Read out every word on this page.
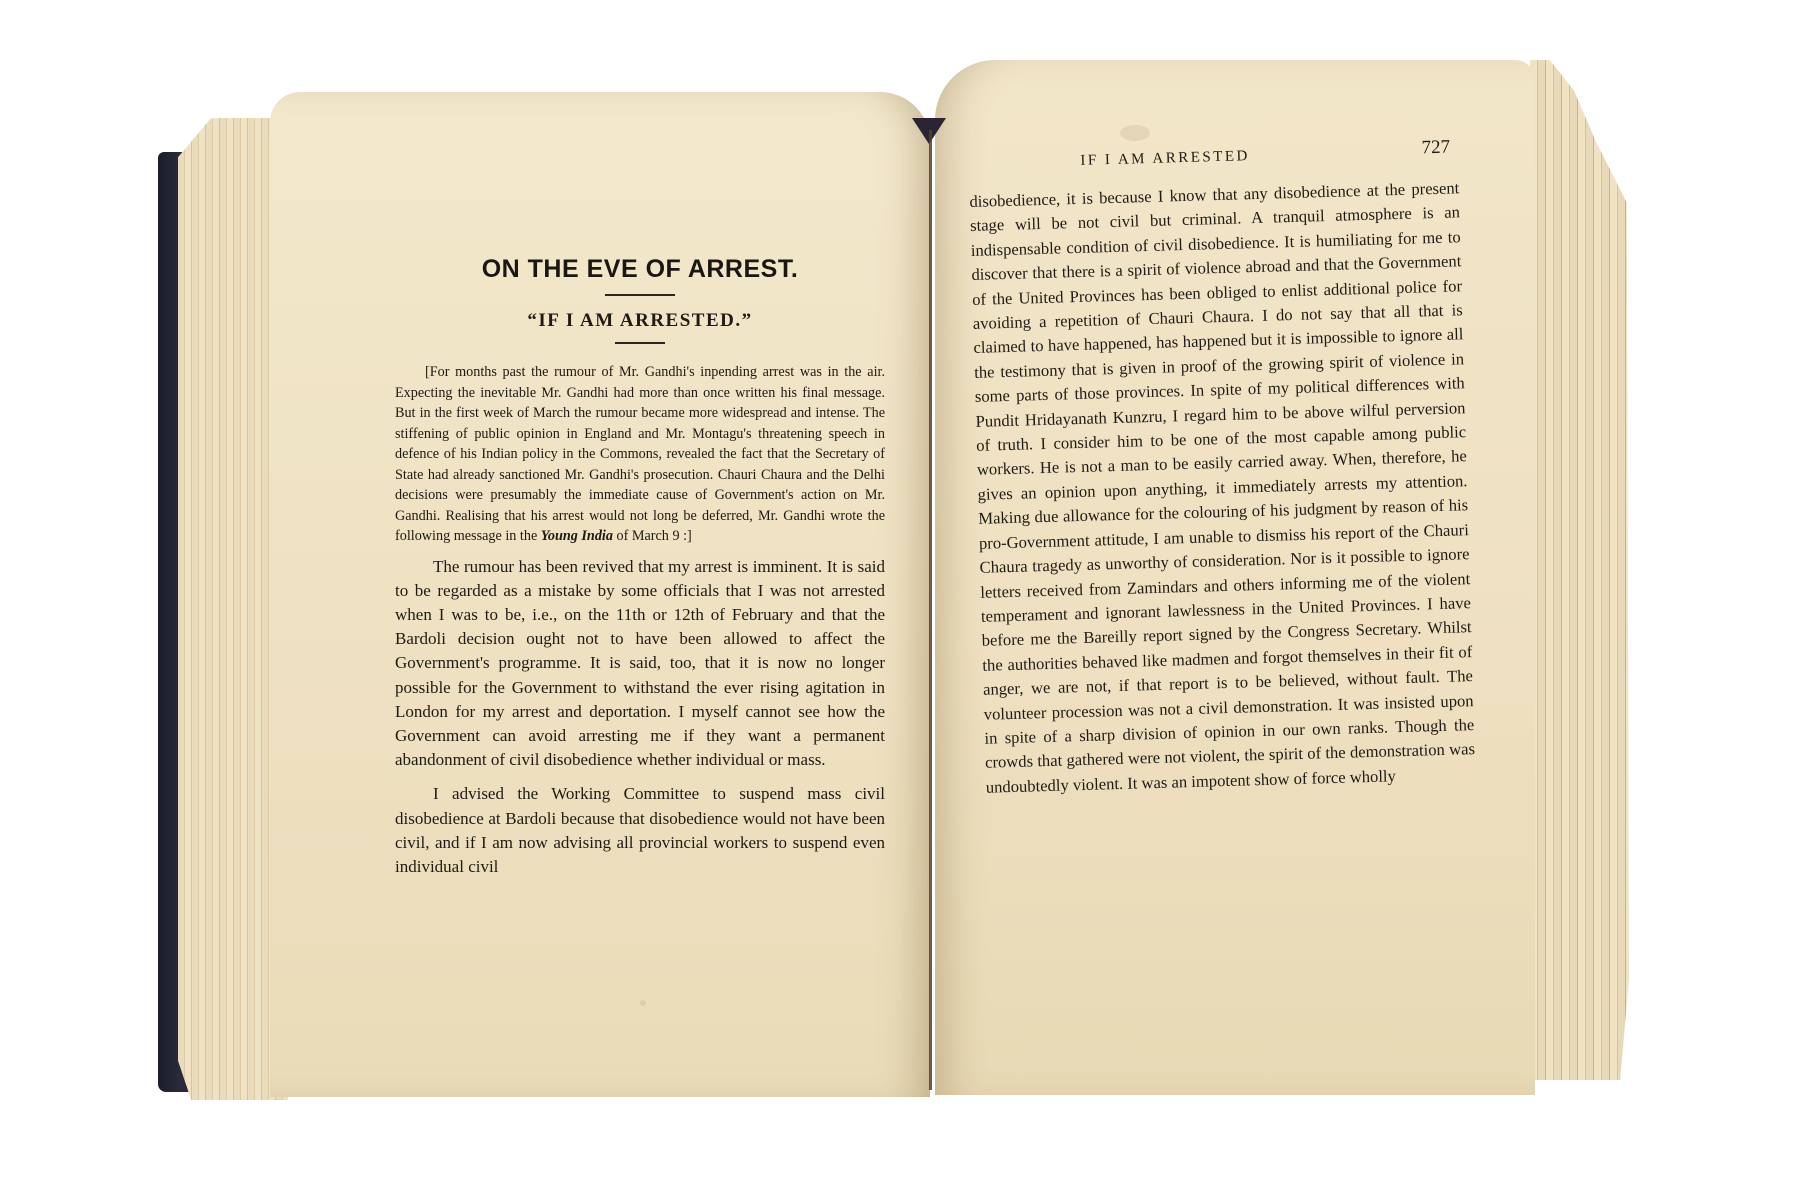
ON THE EVE OF ARREST.
“IF I AM ARRESTED.”

[For months past the rumour of Mr. Gandhi's inpending arrest was in the air. Expecting the inevitable Mr. Gandhi had more than once written his final message. But in the first week of March the rumour became more widespread and intense. The stiffening of public opinion in England and Mr. Montagu's threatening speech in defence of his Indian policy in the Commons, revealed the fact that the Secretary of State had already sanctioned Mr. Gandhi's prosecution. Chauri Chaura and the Delhi decisions were presumably the immediate cause of Government's action on Mr. Gandhi. Realising that his arrest would not long be deferred, Mr. Gandhi wrote the following message in the Young India of March 9 :]

The rumour has been revived that my arrest is imminent. It is said to be regarded as a mistake by some officials that I was not arrested when I was to be, i.e., on the 11th or 12th of February and that the Bardoli decision ought not to have been allowed to affect the Government's programme. It is said, too, that it is now no longer possible for the Government to withstand the ever rising agitation in London for my arrest and deportation. I myself cannot see how the Government can avoid arresting me if they want a permanent abandonment of civil disobedience whether individual or mass.

I advised the Working Committee to suspend mass civil disobedience at Bardoli because that disobedience would not have been civil, and if I am now advising all provincial workers to suspend even individual civil

IF I AM ARRESTED
727

disobedience, it is because I know that any disobedience at the present stage will be not civil but criminal. A tranquil atmosphere is an indispensable condition of civil disobedience. It is humiliating for me to discover that there is a spirit of violence abroad and that the Government of the United Provinces has been obliged to enlist additional police for avoiding a repetition of Chauri Chaura. I do not say that all that is claimed to have happened, has happened but it is impossible to ignore all the testimony that is given in proof of the growing spirit of violence in some parts of those provinces. In spite of my political differences with Pundit Hridayanath Kunzru, I regard him to be above wilful perversion of truth. I consider him to be one of the most capable among public workers. He is not a man to be easily carried away. When, therefore, he gives an opinion upon anything, it immediately arrests my attention. Making due allowance for the colouring of his judgment by reason of his pro-Government attitude, I am unable to dismiss his report of the Chauri Chaura tragedy as unworthy of consideration. Nor is it possible to ignore letters received from Zamindars and others informing me of the violent temperament and ignorant lawlessness in the United Provinces. I have before me the Bareilly report signed by the Congress Secretary. Whilst the authorities behaved like madmen and forgot themselves in their fit of anger, we are not, if that report is to be believed, without fault. The volunteer procession was not a civil demonstration. It was insisted upon in spite of a sharp division of opinion in our own ranks. Though the crowds that gathered were not violent, the spirit of the demonstration was undoubtedly violent. It was an impotent show of force wholly
